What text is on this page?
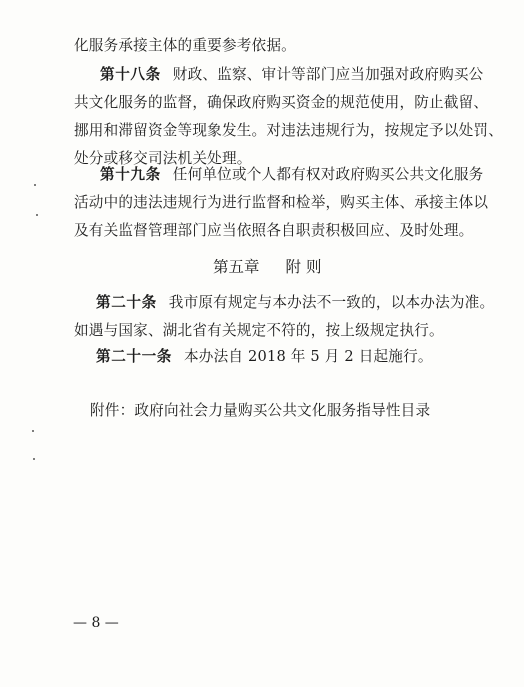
化服务承接主体的重要参考依据。
第十八条 财政、监察、审计等部门应当加强对政府购买公
共文化服务的监督，确保政府购买资金的规范使用，防止截留、
挪用和滞留资金等现象发生。对违法违规行为，按规定予以处罚、
处分或移交司法机关处理。
第十九条 任何单位或个人都有权对政府购买公共文化服务
活动中的违法违规行为进行监督和检举，购买主体、承接主体以
及有关监督管理部门应当依照各自职责积极回应、及时处理。
第五章 附 则
第二十条 我市原有规定与本办法不一致的，以本办法为准。
如遇与国家、湖北省有关规定不符的，按上级规定执行。
第二十一条 本办法自 2018 年 5 月 2 日起施行。
附件：政府向社会力量购买公共文化服务指导性目录
— 8 —
